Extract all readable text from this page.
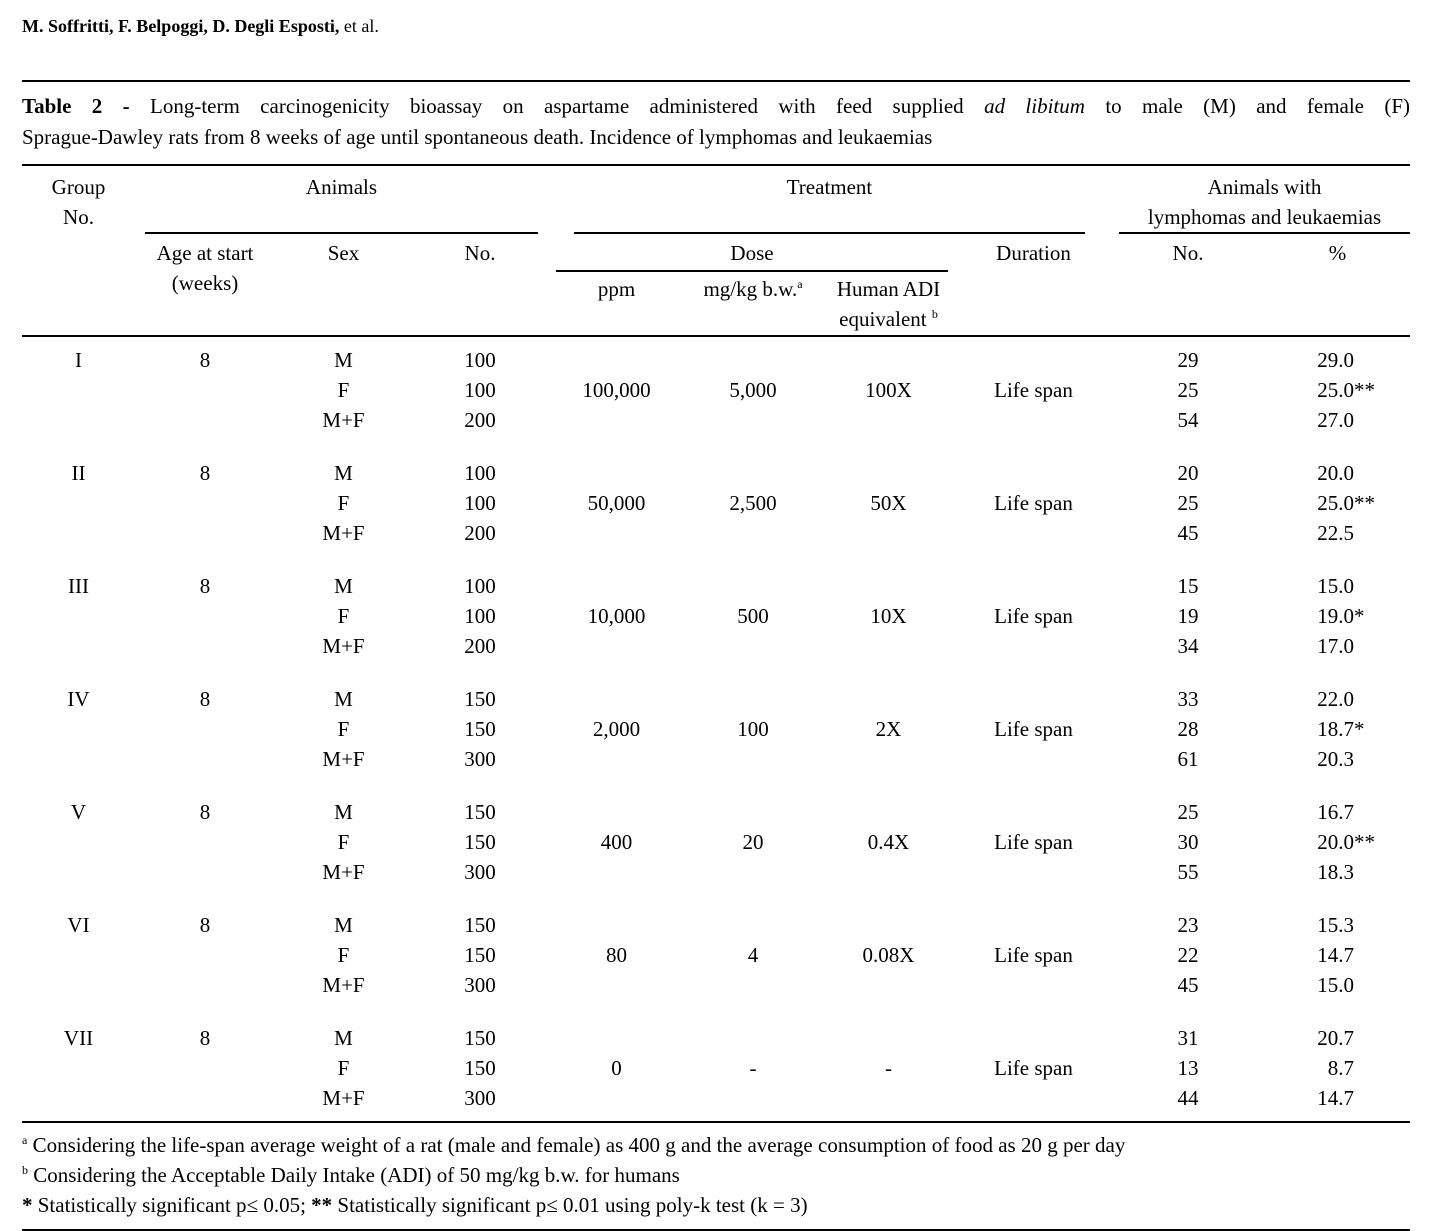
M. Soffritti, F. Belpoggi, D. Degli Esposti, et al.
Table 2 - Long-term carcinogenicity bioassay on aspartame administered with feed supplied ad libitum to male (M) and female (F)
Sprague-Dawley rats from 8 weeks of age until spontaneous death. Incidence of lymphomas and leukaemias
Group
No.

Animals	Treatment	Animals with
lymphomas and leukaemias

	Age at start
(weeks)	Sex	No.	Dose			Duration	No.	%
				ppm	mg/kg b.w.$^a$	Human ADI
equivalent $^b$

I	8	M	100					29	29.0
		F	100	100,000	5,000	100X	Life span	25	25.0**
		M+F	200					54	27.0
II	8	M	100					20	20.0
		F	100	50,000	2,500	50X	Life span	25	25.0**
		M+F	200					45	22.5
III	8	M	100					15	15.0
		F	100	10,000	500	10X	Life span	19	19.0*
		M+F	200					34	17.0
IV	8	M	150					33	22.0
		F	150	2,000	100	2X	Life span	28	18.7*
		M+F	300					61	20.3
V	8	M	150					25	16.7
		F	150	400	20	0.4X	Life span	30	20.0**
		M+F	300					55	18.3
VI	8	M	150					23	15.3
		F	150	80	4	0.08X	Life span	22	14.7
		M+F	300					45	15.0
VII	8	M	150					31	20.7
		F	150	0	-	-	Life span	13	8.7
		M+F	300					44	14.7
$^a$ Considering the life-span average weight of a rat (male and female) as 400 g and the average consumption of food as 20 g per day
$^b$ Considering the Acceptable Daily Intake (ADI) of 50 mg/kg b.w. for humans
* Statistically significant p≤ 0.05; ** Statistically significant p≤ 0.01 using poly-k test (k = 3)
